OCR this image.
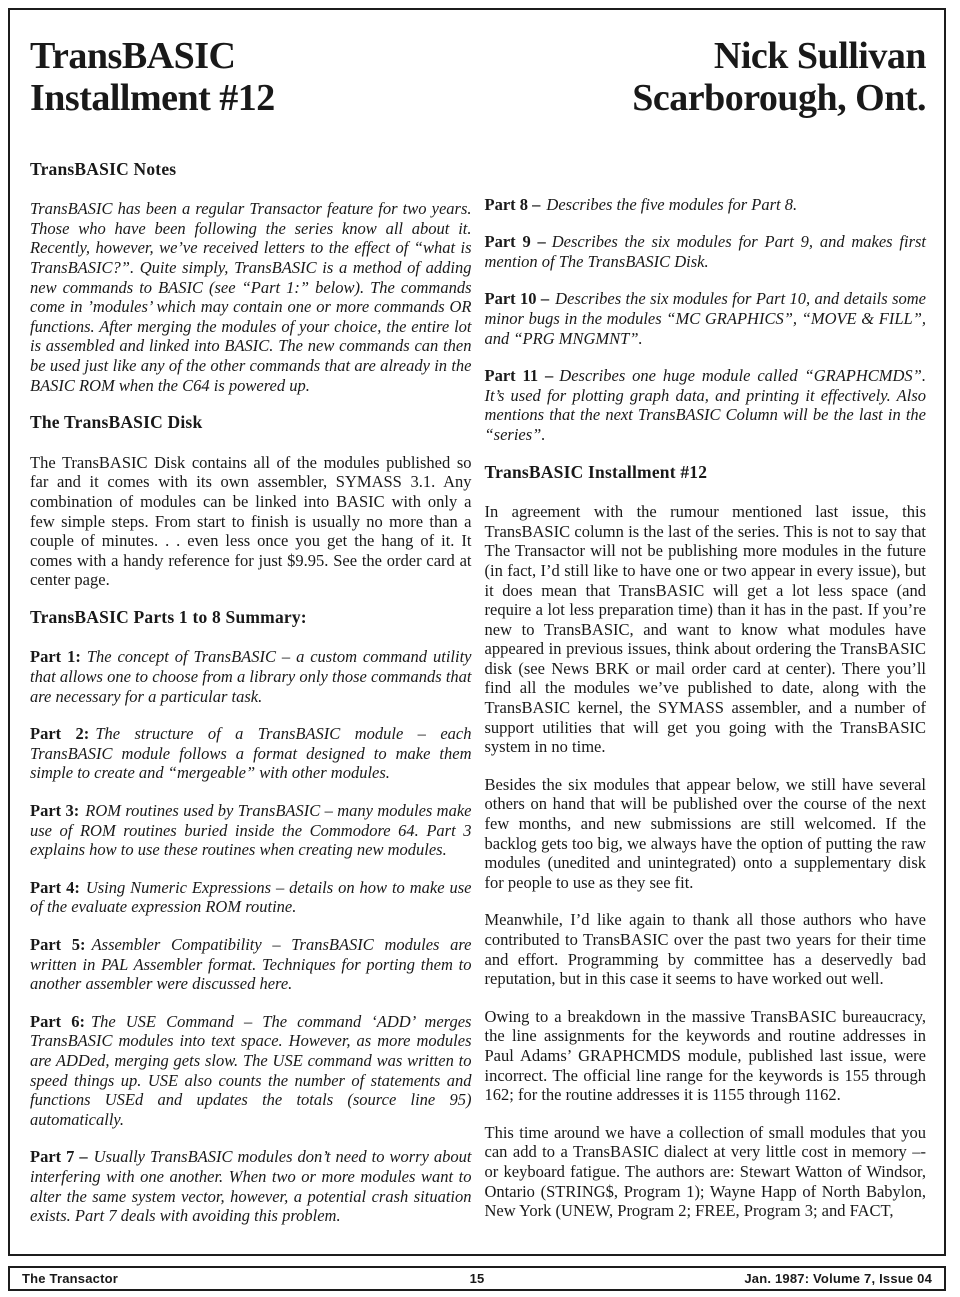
TransBASIC
Installment #12
Nick Sullivan
Scarborough, Ont.
TransBASIC Notes

TransBASIC has been a regular Transactor feature for two years. Those who have been following the series know all about it. Recently, however, we’ve received letters to the effect of “what is TransBASIC?”. Quite simply, TransBASIC is a method of adding new commands to BASIC (see “Part 1:” below). The commands come in ’modules’ which may contain one or more commands OR functions. After merging the modules of your choice, the entire lot is assembled and linked into BASIC. The new commands can then be used just like any of the other commands that are already in the BASIC ROM when the C64 is powered up.

The TransBASIC Disk

The TransBASIC Disk contains all of the modules published so far and it comes with its own assembler, SYMASS 3.1. Any combination of modules can be linked into BASIC with only a few simple steps. From start to finish is usually no more than a couple of minutes. . . even less once you get the hang of it. It comes with a handy reference for just $9.95. See the order card at center page.

TransBASIC Parts 1 to 8 Summary:

Part 1: The concept of TransBASIC – a custom command utility that allows one to choose from a library only those commands that are necessary for a particular task.

Part 2: The structure of a TransBASIC module – each TransBASIC module follows a format designed to make them simple to create and “mergeable” with other modules.

Part 3: ROM routines used by TransBASIC – many modules make use of ROM routines buried inside the Commodore 64. Part 3 explains how to use these routines when creating new modules.

Part 4: Using Numeric Expressions – details on how to make use of the evaluate expression ROM routine.

Part 5: Assembler Compatibility – TransBASIC modules are written in PAL Assembler format. Techniques for porting them to another assembler were discussed here.

Part 6: The USE Command – The command ‘ADD’ merges TransBASIC modules into text space. However, as more modules are ADDed, merging gets slow. The USE command was written to speed things up. USE also counts the number of statements and functions USEd and updates the totals (source line 95) automatically.

Part 7 – Usually TransBASIC modules don’t need to worry about interfering with one another. When two or more modules want to alter the same system vector, however, a potential crash situation exists. Part 7 deals with avoiding this problem.

Part 8 – Describes the five modules for Part 8.

Part 9 – Describes the six modules for Part 9, and makes first mention of The TransBASIC Disk.

Part 10 – Describes the six modules for Part 10, and details some minor bugs in the modules “MC GRAPHICS”, “MOVE & FILL”, and “PRG MNGMNT”.

Part 11 – Describes one huge module called “GRAPHCMDS”. It’s used for plotting graph data, and printing it effectively. Also mentions that the next TransBASIC Column will be the last in the “series”.

TransBASIC Installment #12

In agreement with the rumour mentioned last issue, this TransBASIC column is the last of the series. This is not to say that The Transactor will not be publishing more modules in the future (in fact, I’d still like to have one or two appear in every issue), but it does mean that TransBASIC will get a lot less space (and require a lot less preparation time) than it has in the past. If you’re new to TransBASIC, and want to know what modules have appeared in previous issues, think about ordering the TransBASIC disk (see News BRK or mail order card at center). There you’ll find all the modules we’ve published to date, along with the TransBASIC kernel, the SYMASS assembler, and a number of support utilities that will get you going with the TransBASIC system in no time.

Besides the six modules that appear below, we still have several others on hand that will be published over the course of the next few months, and new submissions are still welcomed. If the backlog gets too big, we always have the option of putting the raw modules (unedited and unintegrated) onto a supplementary disk for people to use as they see fit.

Meanwhile, I’d like again to thank all those authors who have contributed to TransBASIC over the past two years for their time and effort. Programming by committee has a deservedly bad reputation, but in this case it seems to have worked out well.

Owing to a breakdown in the massive TransBASIC bureaucracy, the line assignments for the keywords and routine addresses in Paul Adams’ GRAPHCMDS module, published last issue, were incorrect. The official line range for the keywords is 155 through 162; for the routine addresses it is 1155 through 1162.

This time around we have a collection of small modules that you can add to a TransBASIC dialect at very little cost in memory –- or keyboard fatigue. The authors are: Stewart Watton of Windsor, Ontario (STRING$, Program 1); Wayne Happ of North Babylon, New York (UNEW, Program 2; FREE, Program 3; and FACT,

The Transactor	15	Jan. 1987: Volume 7, Issue 04
